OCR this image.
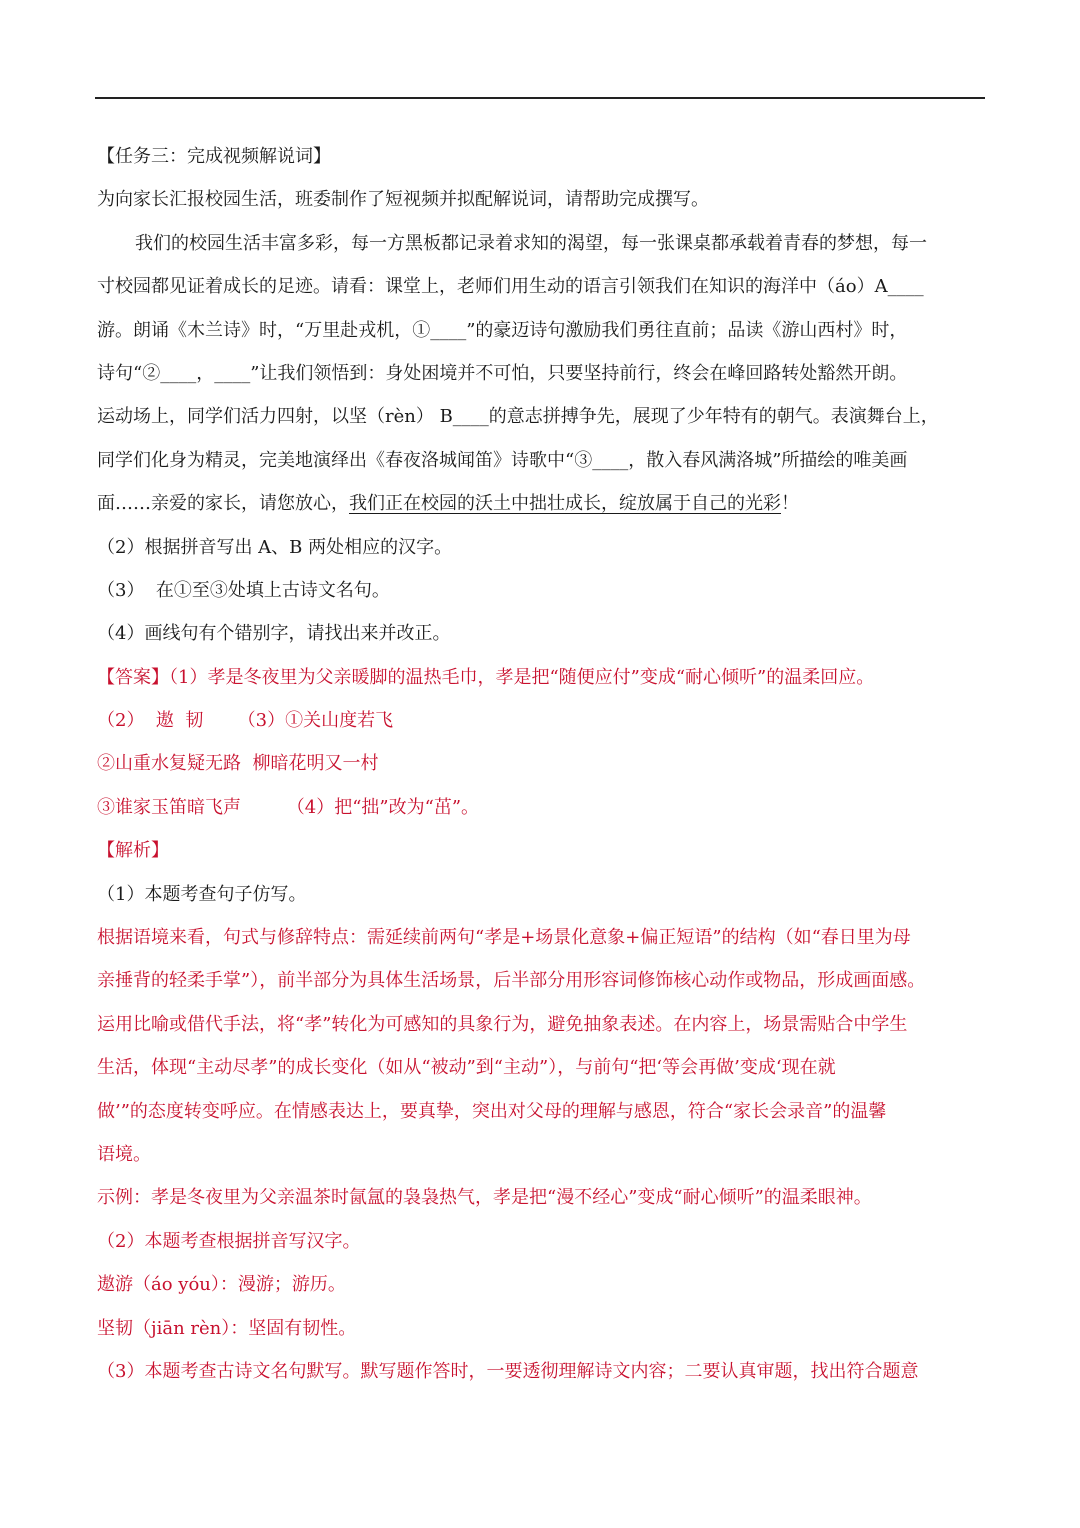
【任务三：完成视频解说词】
为向家长汇报校园生活，班委制作了短视频并拟配解说词，请帮助完成撰写。
我们的校园生活丰富多彩，每一方黑板都记录着求知的渴望，每一张课桌都承载着青春的梦想，每一
寸校园都见证着成长的足迹。请看：课堂上，老师们用生动的语言引领我们在知识的海洋中（áo）A____
游。朗诵《木兰诗》时，“万里赴戎机，①____”的豪迈诗句激励我们勇往直前；品读《游山西村》时，
诗句“②____，____”让我们领悟到：身处困境并不可怕，只要坚持前行，终会在峰回路转处豁然开朗。
运动场上，同学们活力四射，以坚（rèn） B____的意志拼搏争先，展现了少年特有的朝气。表演舞台上，
同学们化身为精灵，完美地演绎出《春夜洛城闻笛》诗歌中“③____，散入春风满洛城”所描绘的唯美画
面……亲爱的家长，请您放心，我们正在校园的沃土中拙壮成长，绽放属于自己的光彩！
（2）根据拼音写出 A、B 两处相应的汉字。
（3）  在①至③处填上古诗文名句。
（4）画线句有个错别字，请找出来并改正。
【答案】（1）孝是冬夜里为父亲暖脚的温热毛巾，孝是把“随便应付”变成“耐心倾听”的温柔回应。
（2）  遨  韧      （3）①关山度若飞
②山重水复疑无路  柳暗花明又一村
③谁家玉笛暗飞声        （4）把“拙”改为“茁”。
【解析】
（1）本题考查句子仿写。
根据语境来看，句式与修辞特点：需延续前两句“孝是+场景化意象+偏正短语”的结构（如“春日里为母
亲捶背的轻柔手掌”），前半部分为具体生活场景，后半部分用形容词修饰核心动作或物品，形成画面感。
运用比喻或借代手法，将“孝”转化为可感知的具象行为，避免抽象表述。在内容上，场景需贴合中学生
生活，体现“主动尽孝”的成长变化（如从“被动”到“主动”），与前句“把‘等会再做’变成‘现在就
做’”的态度转变呼应。在情感表达上，要真挚，突出对父母的理解与感恩，符合“家长会录音”的温馨
语境。
示例：孝是冬夜里为父亲温茶时氤氲的袅袅热气，孝是把“漫不经心”变成“耐心倾听”的温柔眼神。
（2）本题考查根据拼音写汉字。
遨游（áo yóu）：漫游；游历。
坚韧（jiān rèn）：坚固有韧性。
（3）本题考查古诗文名句默写。默写题作答时，一要透彻理解诗文内容；二要认真审题，找出符合题意
